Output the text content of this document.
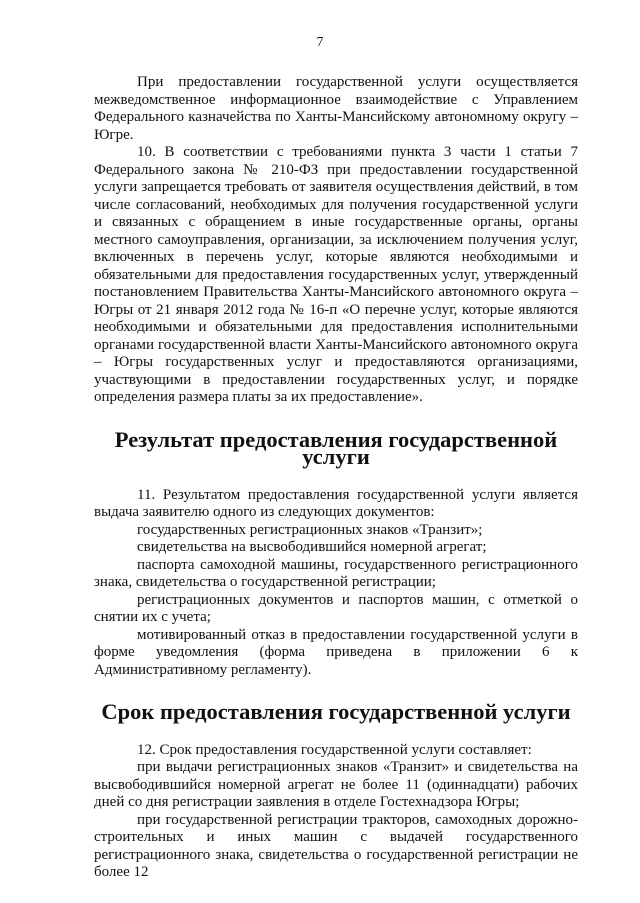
7

При предоставлении государственной услуги осуществляется межведомственное информационное взаимодействие с Управлением Федерального казначейства по Ханты-Мансийскому автономному округу – Югре.

10. В соответствии с требованиями пункта 3 части 1 статьи 7 Федерального закона № 210-ФЗ при предоставлении государственной услуги запрещается требовать от заявителя осуществления действий, в том числе согласований, необходимых для получения государственной услуги и связанных с обращением в иные государственные органы, органы местного самоуправления, организации, за исключением получения услуг, включенных в перечень услуг, которые являются необходимыми и обязательными для предоставления государственных услуг, утвержденный постановлением Правительства Ханты-Мансийского автономного округа – Югры от 21 января 2012 года № 16-п «О перечне услуг, которые являются необходимыми и обязательными для предоставления исполнительными органами государственной власти Ханты-Мансийского автономного округа – Югры государственных услуг и предоставляются организациями, участвующими в предоставлении государственных услуг, и порядке определения размера платы за их предоставление».

Результат предоставления государственной услуги

11. Результатом предоставления государственной услуги является выдача заявителю одного из следующих документов:

государственных регистрационных знаков «Транзит»;

свидетельства на высвободившийся номерной агрегат;

паспорта самоходной машины, государственного регистрационного знака, свидетельства о государственной регистрации;

регистрационных документов и паспортов машин, с отметкой о снятии их с учета;

мотивированный отказ в предоставлении государственной услуги в форме уведомления (форма приведена в приложении 6 к Административному регламенту).

Срок предоставления государственной услуги

12. Срок предоставления государственной услуги составляет:

при выдачи регистрационных знаков «Транзит» и свидетельства на высвободившийся номерной агрегат не более 11 (одиннадцати) рабочих дней со дня регистрации заявления в отделе Гостехнадзора Югры;

при государственной регистрации тракторов, самоходных дорожно-строительных и иных машин с выдачей государственного регистрационного знака, свидетельства о государственной регистрации не более 12
